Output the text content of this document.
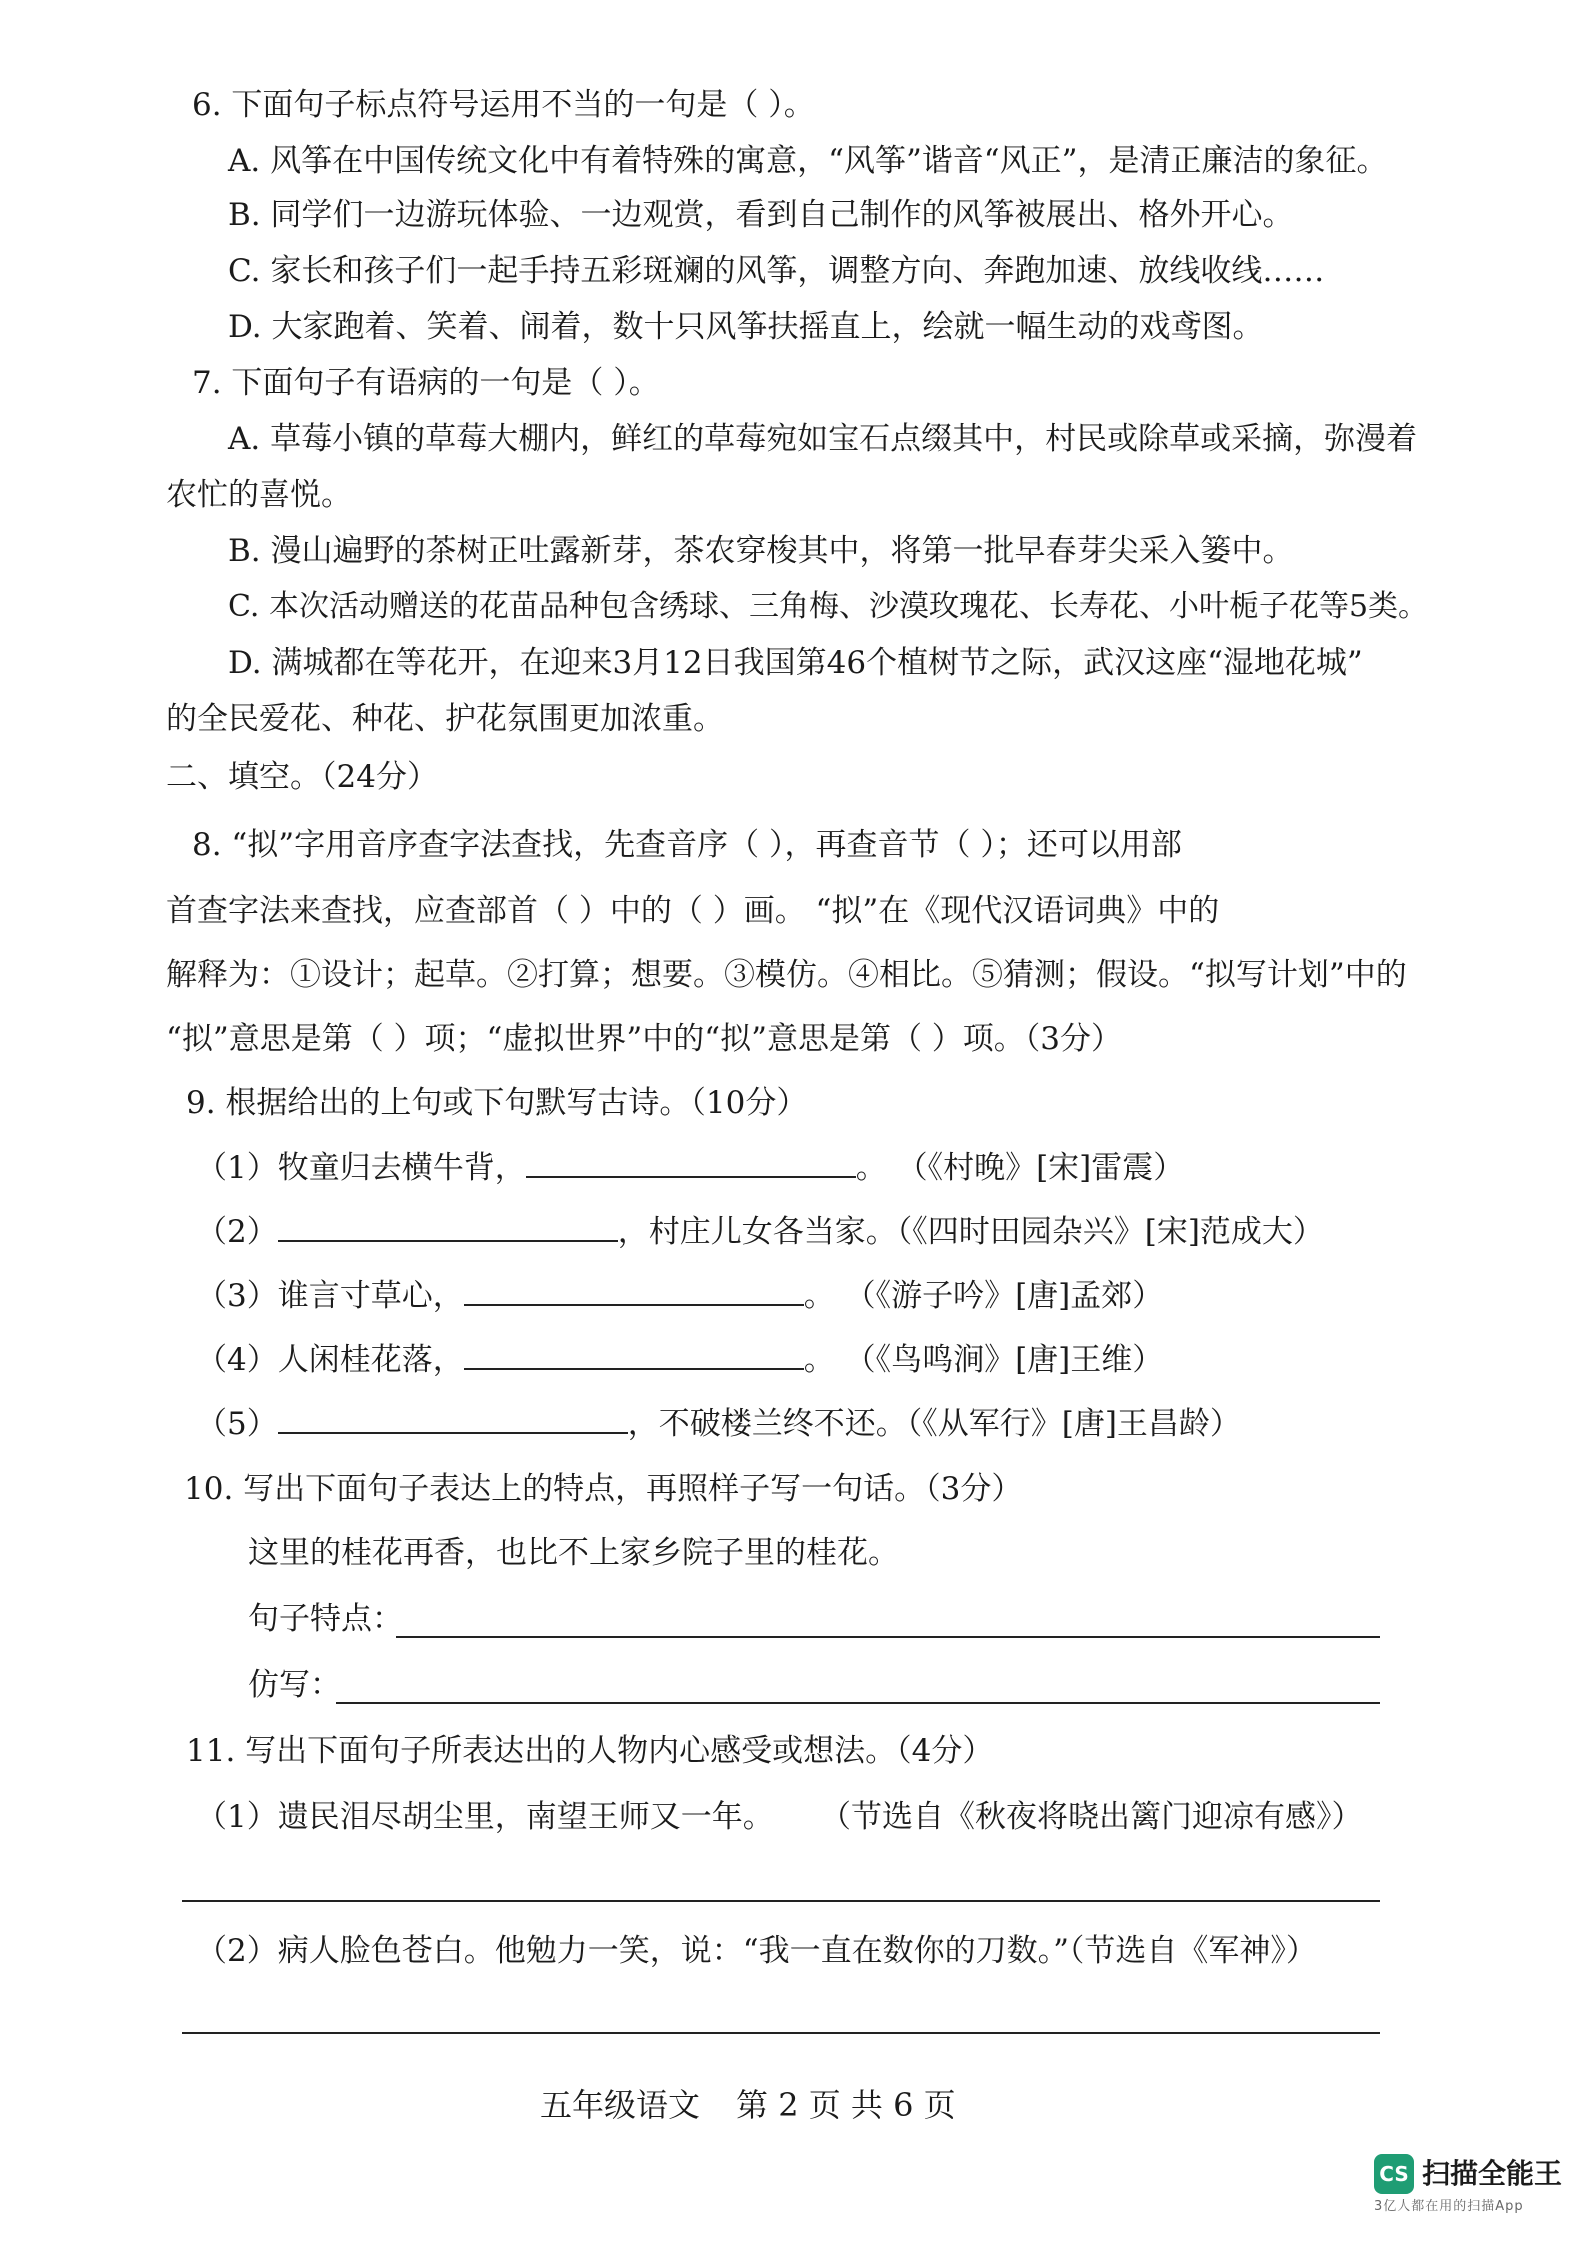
6. 下面句子标点符号运用不当的一句是（ ）。
A. 风筝在中国传统文化中有着特殊的寓意，“风筝”谐音“风正”，是清正廉洁的象征。
B. 同学们一边游玩体验、一边观赏，看到自己制作的风筝被展出、格外开心。
C. 家长和孩子们一起手持五彩斑斓的风筝，调整方向、奔跑加速、放线收线……
D. 大家跑着、笑着、闹着，数十只风筝扶摇直上，绘就一幅生动的戏鸢图。
7. 下面句子有语病的一句是（ ）。
A. 草莓小镇的草莓大棚内，鲜红的草莓宛如宝石点缀其中，村民或除草或采摘，弥漫着
农忙的喜悦。
B. 漫山遍野的茶树正吐露新芽，茶农穿梭其中，将第一批早春芽尖采入篓中。
C. 本次活动赠送的花苗品种包含绣球、三角梅、沙漠玫瑰花、长寿花、小叶栀子花等5类。
D. 满城都在等花开，在迎来3月12日我国第46个植树节之际，武汉这座“湿地花城”
的全民爱花、种花、护花氛围更加浓重。
二、填空。（24分）
8. “拟”字用音序查字法查找，先查音序（ ），再查音节（ ）；还可以用部
首查字法来查找，应查部首（ ）中的（ ）画。 “拟”在《现代汉语词典》中的
解释为：①设计；起草。②打算；想要。③模仿。④相比。⑤猜测；假设。“拟写计划”中的
“拟”意思是第（ ）项；“虚拟世界”中的“拟”意思是第（ ）项。（3分）
9. 根据给出的上句或下句默写古诗。（10分）
（1）牧童归去横牛背，	。 （《村晚》[宋]雷震）
（2）	，村庄儿女各当家。（《四时田园杂兴》[宋]范成大）
（3）谁言寸草心，	。 （《游子吟》[唐]孟郊）
（4）人闲桂花落，	。 （《鸟鸣涧》[唐]王维）
（5）	，不破楼兰终不还。（《从军行》[唐]王昌龄）
10. 写出下面句子表达上的特点，再照样子写一句话。（3分）
这里的桂花再香，也比不上家乡院子里的桂花。
句子特点：
仿写：
11. 写出下面句子所表达出的人物内心感受或想法。（4分）
（1）遗民泪尽胡尘里，南望王师又一年。 （节选自《秋夜将晓出篱门迎凉有感》）
（2）病人脸色苍白。他勉力一笑，说：“我一直在数你的刀数。”（节选自《军神》）
五年级语文 第 2 页 共 6 页
CS 扫描全能王
3亿人都在用的扫描App
